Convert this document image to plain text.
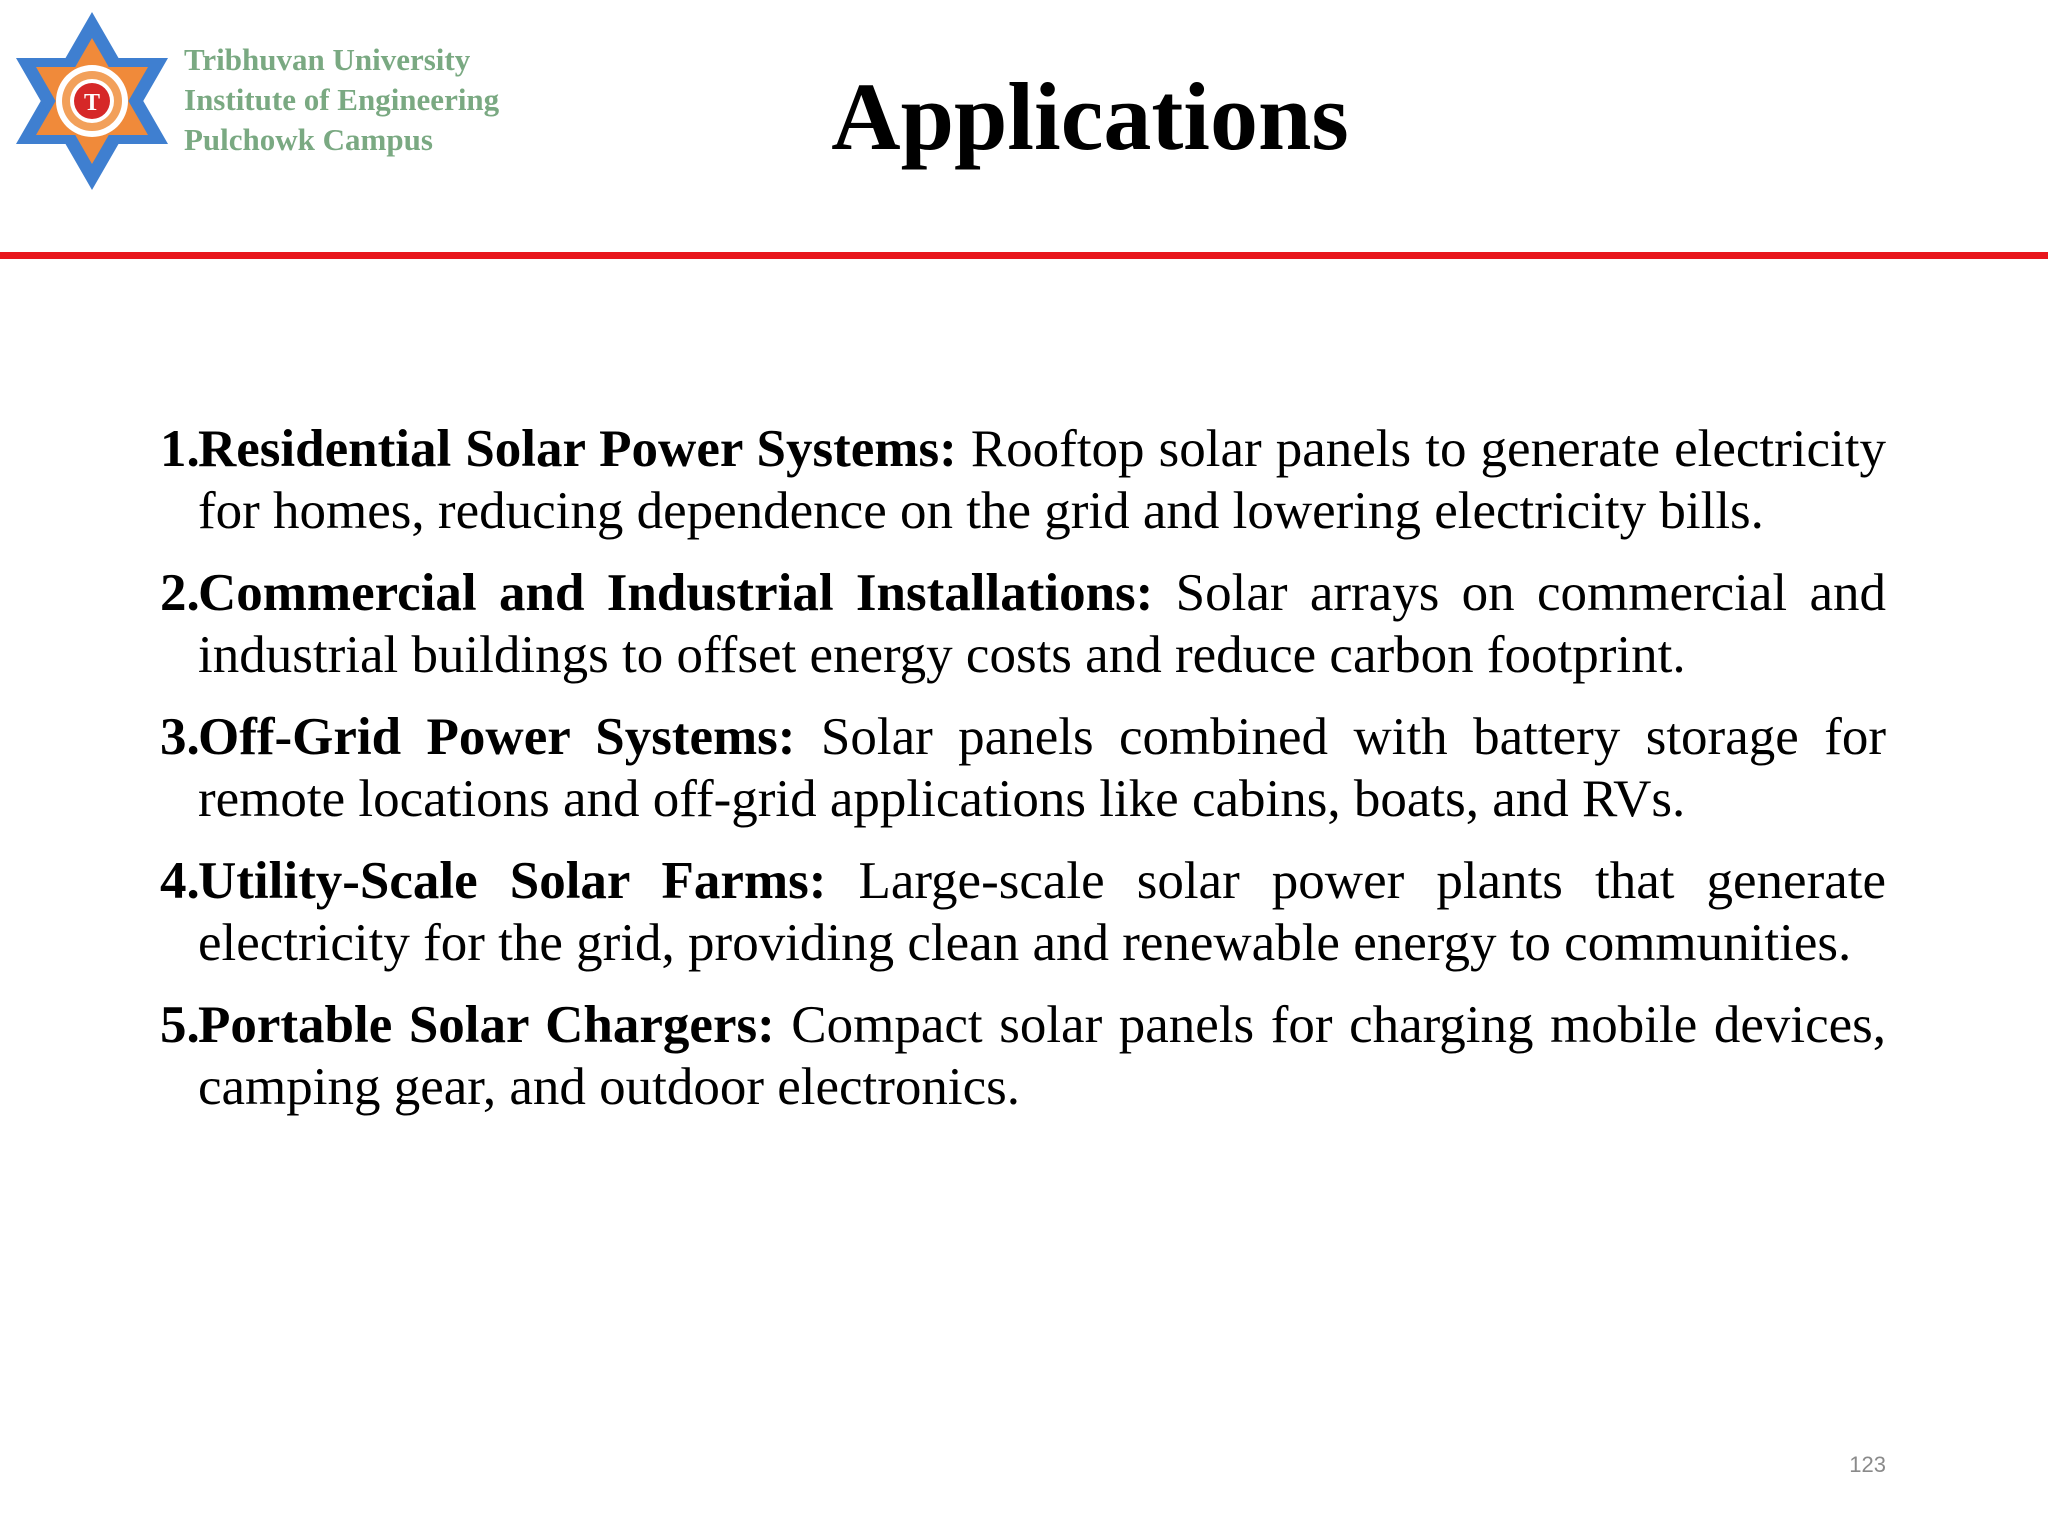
T
Tribhuvan University
Institute of Engineering
Pulchowk Campus	Applications
1.
Residential Solar Power Systems: Rooftop solar panels to generate electricity for homes, reducing dependence on the grid and lowering electricity bills.
2.
Commercial and Industrial Installations: Solar arrays on commercial and industrial buildings to offset energy costs and reduce carbon footprint.
3.
Off-Grid Power Systems: Solar panels combined with battery storage for remote locations and off-grid applications like cabins, boats, and RVs.
4.
Utility-Scale Solar Farms: Large-scale solar power plants that generate electricity for the grid, providing clean and renewable energy to communities.
5.
Portable Solar Chargers: Compact solar panels for charging mobile devices, camping gear, and outdoor electronics.
123
